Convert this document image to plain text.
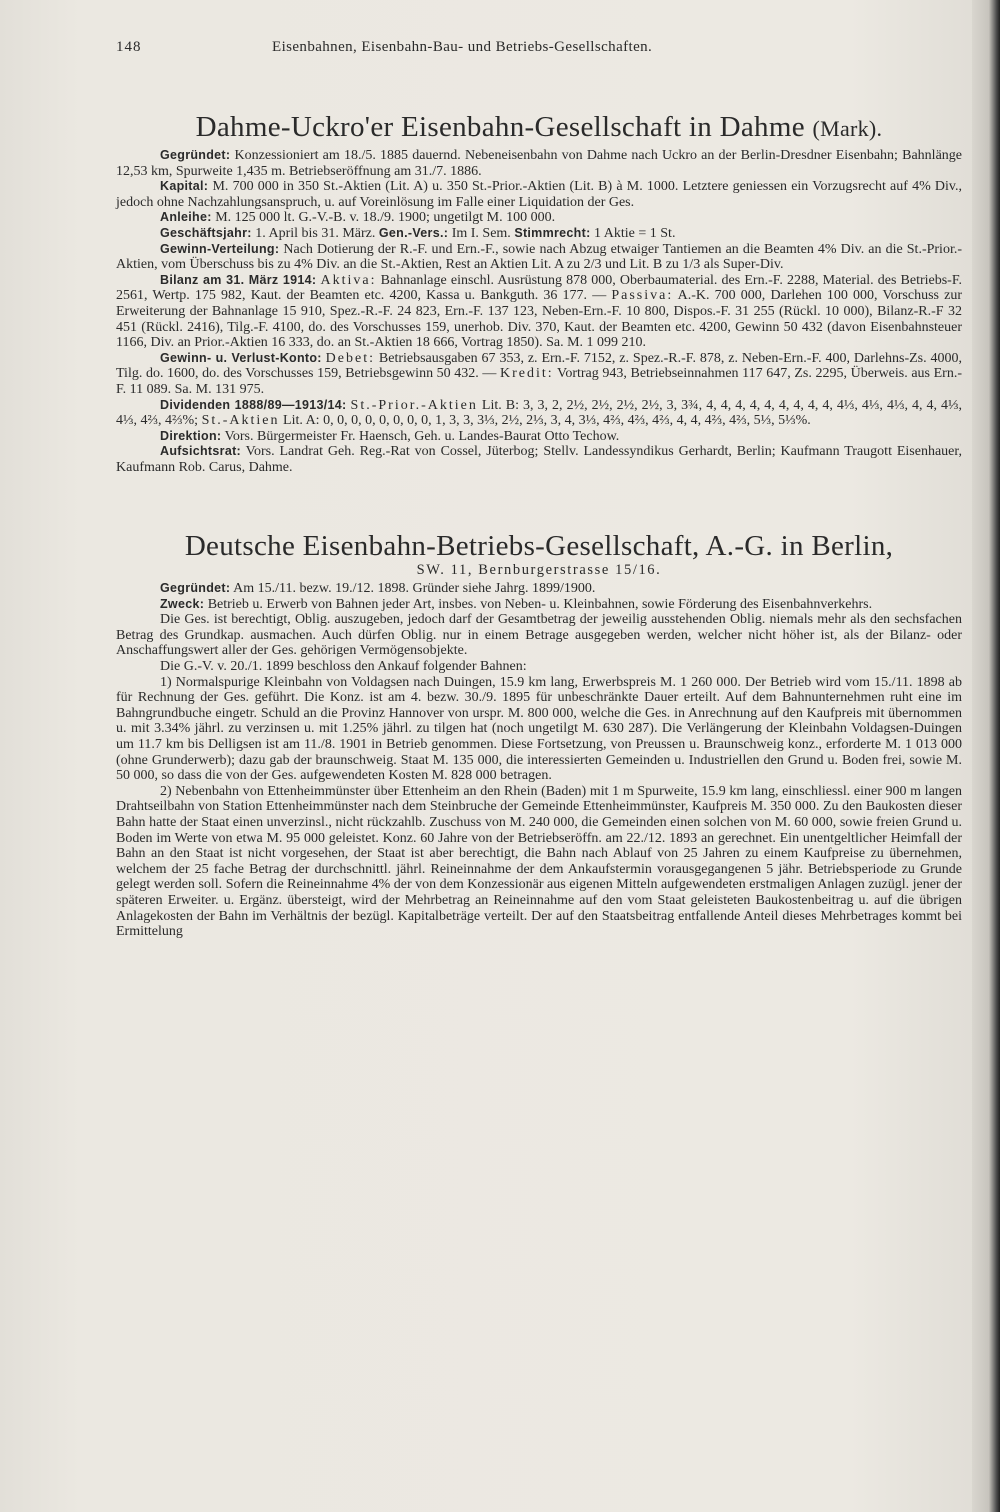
148	Eisenbahnen, Eisenbahn-Bau- und Betriebs-Gesellschaften.
Dahme-Uckro'er Eisenbahn-Gesellschaft in Dahme (Mark).

Gegründet: Konzessioniert am 18./5. 1885 dauernd. Nebeneisenbahn von Dahme nach Uckro an der Berlin-Dresdner Eisenbahn; Bahnlänge 12,53 km, Spurweite 1,435 m. Betriebseröffnung am 31./7. 1886.

Kapital: M. 700 000 in 350 St.-Aktien (Lit. A) u. 350 St.-Prior.-Aktien (Lit. B) à M. 1000. Letztere geniessen ein Vorzugsrecht auf 4% Div., jedoch ohne Nachzahlungsanspruch, u. auf Voreinlösung im Falle einer Liquidation der Ges.

Anleihe: M. 125 000 lt. G.-V.-B. v. 18./9. 1900; ungetilgt M. 100 000.

Geschäftsjahr: 1. April bis 31. März. Gen.-Vers.: Im I. Sem. Stimmrecht: 1 Aktie = 1 St.

Gewinn-Verteilung: Nach Dotierung der R.-F. und Ern.-F., sowie nach Abzug etwaiger Tantiemen an die Beamten 4% Div. an die St.-Prior.-Aktien, vom Überschuss bis zu 4% Div. an die St.-Aktien, Rest an Aktien Lit. A zu 2/3 und Lit. B zu 1/3 als Super-Div.

Bilanz am 31. März 1914: Aktiva: Bahnanlage einschl. Ausrüstung 878 000, Oberbaumaterial. des Ern.-F. 2288, Material. des Betriebs-F. 2561, Wertp. 175 982, Kaut. der Beamten etc. 4200, Kassa u. Bankguth. 36 177. — Passiva: A.-K. 700 000, Darlehen 100 000, Vorschuss zur Erweiterung der Bahnanlage 15 910, Spez.-R.-F. 24 823, Ern.-F. 137 123, Neben-Ern.-F. 10 800, Dispos.-F. 31 255 (Rückl. 10 000), Bilanz-R.-F 32 451 (Rückl. 2416), Tilg.-F. 4100, do. des Vorschusses 159, unerhob. Div. 370, Kaut. der Beamten etc. 4200, Gewinn 50 432 (davon Eisenbahnsteuer 1166, Div. an Prior.-Aktien 16 333, do. an St.-Aktien 18 666, Vortrag 1850). Sa. M. 1 099 210.

Gewinn- u. Verlust-Konto: Debet: Betriebsausgaben 67 353, z. Ern.-F. 7152, z. Spez.-R.-F. 878, z. Neben-Ern.-F. 400, Darlehns-Zs. 4000, Tilg. do. 1600, do. des Vorschusses 159, Betriebsgewinn 50 432. — Kredit: Vortrag 943, Betriebseinnahmen 117 647, Zs. 2295, Überweis. aus Ern.-F. 11 089. Sa. M. 131 975.

Dividenden 1888/89—1913/14: St.-Prior.-Aktien Lit. B: 3, 3, 2, 2½, 2½, 2½, 2½, 3, 3¾, 4, 4, 4, 4, 4, 4, 4, 4, 4, 4⅓, 4⅓, 4⅓, 4, 4, 4⅓, 4⅓, 4⅔, 4⅔%; St.-Aktien Lit. A: 0, 0, 0, 0, 0, 0, 0, 0, 1, 3, 3, 3⅓, 2½, 2⅓, 3, 4, 3⅓, 4⅔, 4⅔, 4⅔, 4, 4, 4⅔, 4⅔, 5⅓, 5⅓%.

Direktion: Vors. Bürgermeister Fr. Haensch, Geh. u. Landes-Baurat Otto Techow.

Aufsichtsrat: Vors. Landrat Geh. Reg.-Rat von Cossel, Jüterbog; Stellv. Landessyndikus Gerhardt, Berlin; Kaufmann Traugott Eisenhauer, Kaufmann Rob. Carus, Dahme.

Deutsche Eisenbahn-Betriebs-Gesellschaft, A.-G. in Berlin,
SW. 11, Bernburgerstrasse 15/16.

Gegründet: Am 15./11. bezw. 19./12. 1898. Gründer siehe Jahrg. 1899/1900.

Zweck: Betrieb u. Erwerb von Bahnen jeder Art, insbes. von Neben- u. Kleinbahnen, sowie Förderung des Eisenbahnverkehrs.

Die Ges. ist berechtigt, Oblig. auszugeben, jedoch darf der Gesamtbetrag der jeweilig ausstehenden Oblig. niemals mehr als den sechsfachen Betrag des Grundkap. ausmachen. Auch dürfen Oblig. nur in einem Betrage ausgegeben werden, welcher nicht höher ist, als der Bilanz- oder Anschaffungswert aller der Ges. gehörigen Vermögensobjekte.

Die G.-V. v. 20./1. 1899 beschloss den Ankauf folgender Bahnen:

1) Normalspurige Kleinbahn von Voldagsen nach Duingen, 15.9 km lang, Erwerbspreis M. 1 260 000. Der Betrieb wird vom 15./11. 1898 ab für Rechnung der Ges. geführt. Die Konz. ist am 4. bezw. 30./9. 1895 für unbeschränkte Dauer erteilt. Auf dem Bahnunternehmen ruht eine im Bahngrundbuche eingetr. Schuld an die Provinz Hannover von urspr. M. 800 000, welche die Ges. in Anrechnung auf den Kaufpreis mit übernommen u. mit 3.34% jährl. zu verzinsen u. mit 1.25% jährl. zu tilgen hat (noch ungetilgt M. 630 287). Die Verlängerung der Kleinbahn Voldagsen-Duingen um 11.7 km bis Delligsen ist am 11./8. 1901 in Betrieb genommen. Diese Fortsetzung, von Preussen u. Braunschweig konz., erforderte M. 1 013 000 (ohne Grunderwerb); dazu gab der braunschweig. Staat M. 135 000, die interessierten Gemeinden u. Industriellen den Grund u. Boden frei, sowie M. 50 000, so dass die von der Ges. aufgewendeten Kosten M. 828 000 betragen.

2) Nebenbahn von Ettenheimmünster über Ettenheim an den Rhein (Baden) mit 1 m Spurweite, 15.9 km lang, einschliessl. einer 900 m langen Drahtseilbahn von Station Ettenheimmünster nach dem Steinbruche der Gemeinde Ettenheimmünster, Kaufpreis M. 350 000. Zu den Baukosten dieser Bahn hatte der Staat einen unverzinsl., nicht rückzahlb. Zuschuss von M. 240 000, die Gemeinden einen solchen von M. 60 000, sowie freien Grund u. Boden im Werte von etwa M. 95 000 geleistet. Konz. 60 Jahre von der Betriebseröffn. am 22./12. 1893 an gerechnet. Ein unentgeltlicher Heimfall der Bahn an den Staat ist nicht vorgesehen, der Staat ist aber berechtigt, die Bahn nach Ablauf von 25 Jahren zu einem Kaufpreise zu übernehmen, welchem der 25 fache Betrag der durchschnittl. jährl. Reineinnahme der dem Ankaufstermin vorausgegangenen 5 jähr. Betriebsperiode zu Grunde gelegt werden soll. Sofern die Reineinnahme 4% der von dem Konzessionär aus eigenen Mitteln aufgewendeten erstmaligen Anlagen zuzügl. jener der späteren Erweiter. u. Ergänz. übersteigt, wird der Mehrbetrag an Reineinnahme auf den vom Staat geleisteten Baukostenbeitrag u. auf die übrigen Anlagekosten der Bahn im Verhältnis der bezügl. Kapitalbeträge verteilt. Der auf den Staatsbeitrag entfallende Anteil dieses Mehrbetrages kommt bei Ermittelung
